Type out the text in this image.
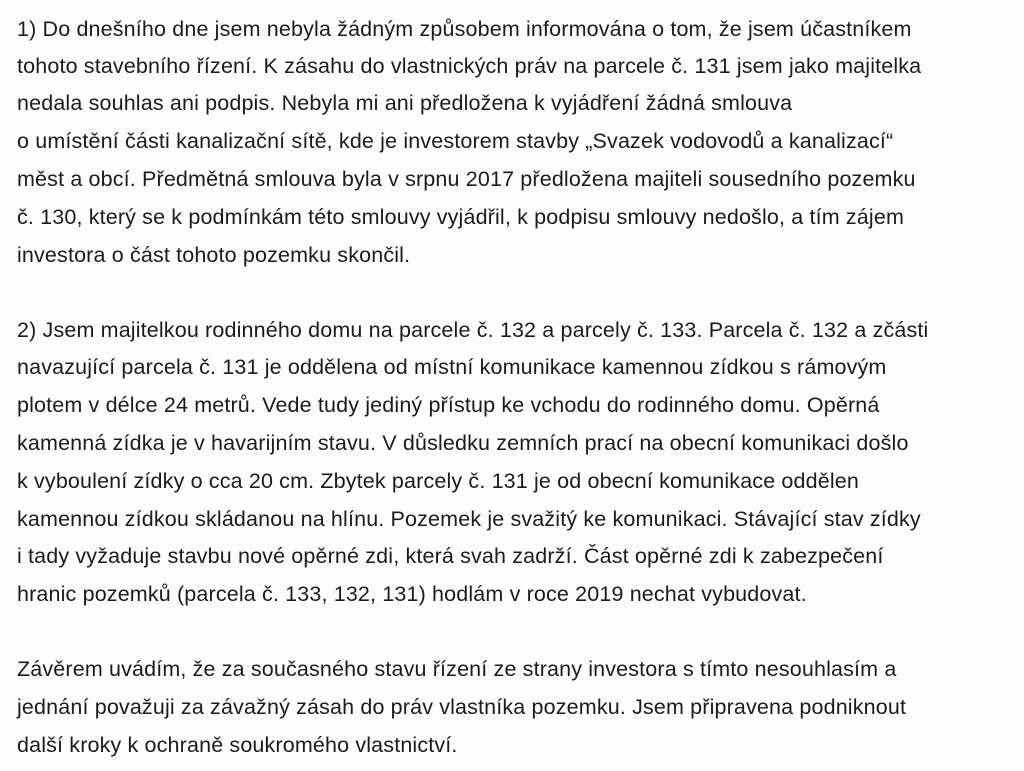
1) Do dnešního dne jsem nebyla žádným způsobem informována o tom, že jsem účastníkem
tohoto stavebního řízení. K zásahu do vlastnických práv na parcele č. 131 jsem jako majitelka
nedala souhlas ani podpis. Nebyla mi ani předložena k vyjádření žádná smlouva
o umístění části kanalizační sítě, kde je investorem stavby „Svazek vodovodů a kanalizací“
měst a obcí. Předmětná smlouva byla v srpnu 2017 předložena majiteli sousedního pozemku
č. 130, který se k podmínkám této smlouvy vyjádřil, k podpisu smlouvy nedošlo, a tím zájem
investora o část tohoto pozemku skončil.
2) Jsem majitelkou rodinného domu na parcele č. 132 a parcely č. 133. Parcela č. 132 a zčásti
navazující parcela č. 131 je oddělena od místní komunikace kamennou zídkou s rámovým
plotem v délce 24 metrů. Vede tudy jediný přístup ke vchodu do rodinného domu. Opěrná
kamenná zídka je v havarijním stavu. V důsledku zemních prací na obecní komunikaci došlo
k vyboulení zídky o cca 20 cm. Zbytek parcely č. 131 je od obecní komunikace oddělen
kamennou zídkou skládanou na hlínu. Pozemek je svažitý ke komunikaci. Stávající stav zídky
i tady vyžaduje stavbu nové opěrné zdi, která svah zadrží. Část opěrné zdi k zabezpečení
hranic pozemků (parcela č. 133, 132, 131) hodlám v roce 2019 nechat vybudovat.
Závěrem uvádím, že za současného stavu řízení ze strany investora s tímto nesouhlasím a
jednání považuji za závažný zásah do práv vlastníka pozemku. Jsem připravena podniknout
další kroky k ochraně soukromého vlastnictví.
